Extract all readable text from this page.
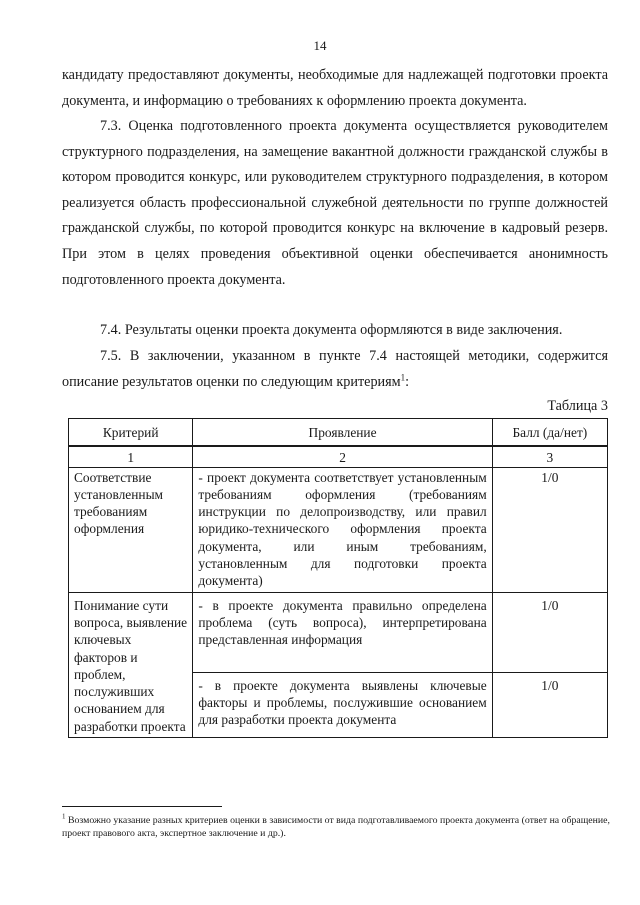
14

кандидату предоставляют документы, необходимые для надлежащей подготовки проекта документа, и информацию о требованиях к оформлению проекта документа.

7.3. Оценка подготовленного проекта документа осуществляется руководителем структурного подразделения, на замещение вакантной должности гражданской службы в котором проводится конкурс, или руководителем структурного подразделения, в котором реализуется область профессиональной служебной деятельности по группе должностей гражданской службы, по которой проводится конкурс на включение в кадровый резерв. При этом в целях проведения объективной оценки обеспечивается анонимность подготовленного проекта документа.

7.4. Результаты оценки проекта документа оформляются в виде заключения.

7.5. В заключении, указанном в пункте 7.4 настоящей методики, содержится описание результатов оценки по следующим критериям$^1$:

Таблица 3
Критерий	Проявление	Балл (да/нет)
1	2	3
Соответствие установленным требованиям оформления	- проект документа соответствует установленным требованиям оформления (требованиям инструкции по делопроизводству, или правил юридико-технического оформления проекта документа, или иным требованиям, установленным для подготовки проекта документа)	1/0
Понимание сути вопроса, выявление ключевых факторов и проблем, послуживших основанием для разработки проекта	- в проекте документа правильно определена проблема (суть вопроса), интерпретирована представленная информация	1/0
	- в проекте документа выявлены ключевые факторы и проблемы, послужившие основанием для разработки проекта документа	1/0
$^1$ Возможно указание разных критериев оценки в зависимости от вида подготавливаемого проекта документа (ответ на обращение, проект правового акта, экспертное заключение и др.).
